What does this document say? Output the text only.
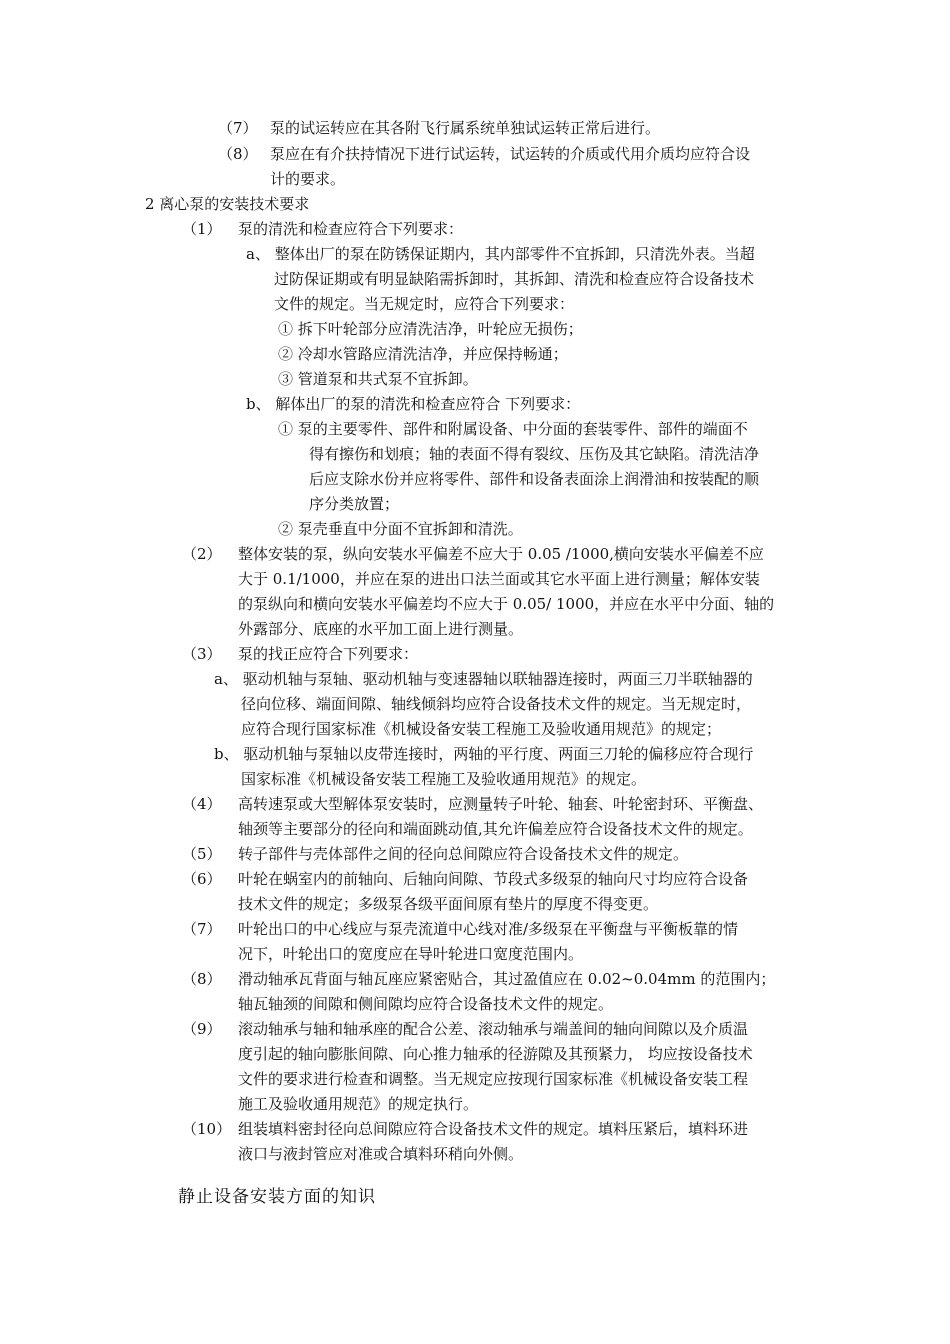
（7） 泵的试运转应在其各附飞行属系统单独试运转正常后进行。
（8） 泵应在有介扶持情况下进行试运转，试运转的介质或代用介质均应符合设
计的要求。
2 离心泵的安装技术要求
（1） 泵的清洗和检查应符合下列要求：
a、 整体出厂的泵在防锈保证期内，其内部零件不宜拆卸，只清洗外表。当超
过防保证期或有明显缺陷需拆卸时，其拆卸、清洗和检查应符合设备技术
文件的规定。当无规定时，应符合下列要求：
① 拆下叶轮部分应清洗洁净，叶轮应无损伤；
② 冷却水管路应清洗洁净，并应保持畅通；
③ 管道泵和共式泵不宜拆卸。
b、 解体出厂的泵的清洗和检查应符合 下列要求：
① 泵的主要零件、部件和附属设备、中分面的套装零件、部件的端面不
得有擦伤和划痕；轴的表面不得有裂纹、压伤及其它缺陷。清洗洁净
后应支除水份并应将零件、部件和设备表面涂上润滑油和按装配的顺
序分类放置；
② 泵壳垂直中分面不宜拆卸和清洗。
（2） 整体安装的泵，纵向安装水平偏差不应大于 0.05 /1000,横向安装水平偏差不应
大于 0.1/1000，并应在泵的进出口法兰面或其它水平面上进行测量；解体安装
的泵纵向和横向安装水平偏差均不应大于 0.05/ 1000，并应在水平中分面、轴的
外露部分、底座的水平加工面上进行测量。
（3） 泵的找正应符合下列要求：
a、 驱动机轴与泵轴、驱动机轴与变速器轴以联轴器连接时，两面三刀半联轴器的
径向位移、端面间隙、轴线倾斜均应符合设备技术文件的规定。当无规定时，
应符合现行国家标准《机械设备安装工程施工及验收通用规范》的规定；
b、 驱动机轴与泵轴以皮带连接时，两轴的平行度、两面三刀轮的偏移应符合现行
国家标准《机械设备安装工程施工及验收通用规范》的规定。
（4） 高转速泵或大型解体泵安装时，应测量转子叶轮、轴套、叶轮密封环、平衡盘、
轴颈等主要部分的径向和端面跳动值,其允许偏差应符合设备技术文件的规定。
（5） 转子部件与壳体部件之间的径向总间隙应符合设备技术文件的规定。
（6） 叶轮在蜗室内的前轴向、后轴向间隙、节段式多级泵的轴向尺寸均应符合设备
技术文件的规定；多级泵各级平面间原有垫片的厚度不得变更。
（7） 叶轮出口的中心线应与泵壳流道中心线对准/多级泵在平衡盘与平衡板靠的情
况下，叶轮出口的宽度应在导叶轮进口宽度范围内。
（8） 滑动轴承瓦背面与轴瓦座应紧密贴合，其过盈值应在 0.02~0.04mm 的范围内；
轴瓦轴颈的间隙和侧间隙均应符合设备技术文件的规定。
（9） 滚动轴承与轴和轴承座的配合公差、滚动轴承与端盖间的轴向间隙以及介质温
度引起的轴向膨胀间隙、向心推力轴承的径游隙及其预紧力， 均应按设备技术
文件的要求进行检查和调整。当无规定应按现行国家标准《机械设备安装工程
施工及验收通用规范》的规定执行。
（10） 组装填料密封径向总间隙应符合设备技术文件的规定。填料压紧后，填料环进
液口与液封管应对准或合填料环稍向外侧。
静止设备安装方面的知识
